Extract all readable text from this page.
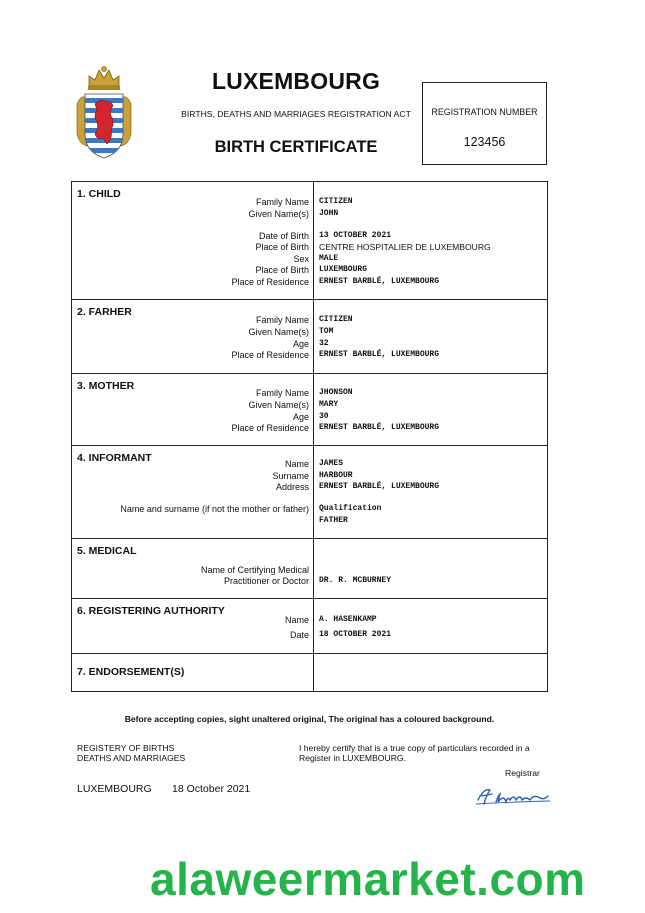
LUXEMBOURG
BIRTHS, DEATHS AND MARRIAGES REGISTRATION ACT
BIRTH CERTIFICATE
REGISTRATION NUMBER
123456
1. CHILD
Family Name CITIZEN
Given Name(s) JOHN
Date of Birth 13 OCTOBER 2021
Place of Birth CENTRE HOSPITALIER DE LUXEMBOURG
Sex MALE
Place of Birth LUXEMBOURG
Place of Residence ERNEST BARBLÉ, LUXEMBOURG
2. FARHER
Family Name CITIZEN
Given Name(s) TOM
Age 32
Place of Residence ERNEST BARBLÉ, LUXEMBOURG
3. MOTHER
Family Name JHONSON
Given Name(s) MARY
Age 30
Place of Residence ERNEST BARBLÉ, LUXEMBOURG
4. INFORMANT	Name JAMES
Surname HARBOUR
Address ERNEST BARBLÉ, LUXEMBOURG
Name and surname (if not the mother or father) Qualification
FATHER
5. MEDICAL
Name of Certifying Medical
Practitioner or Doctor DR. R. MCBURNEY
6. REGISTERING AUTHORITY
Name A. HASENKAMP
Date 18 OCTOBER 2021
7. ENDORSEMENT(S)
Before accepting copies, sight unaltered original, The original has a coloured background.
REGISTERY OF BIRTHS
DEATHS AND MARRIAGES
I hereby certify that is a true copy of particulars recorded in a
Register in LUXEMBOURG.
Registrar
LUXEMBOURG 18 October 2021
alaweermarket.com
